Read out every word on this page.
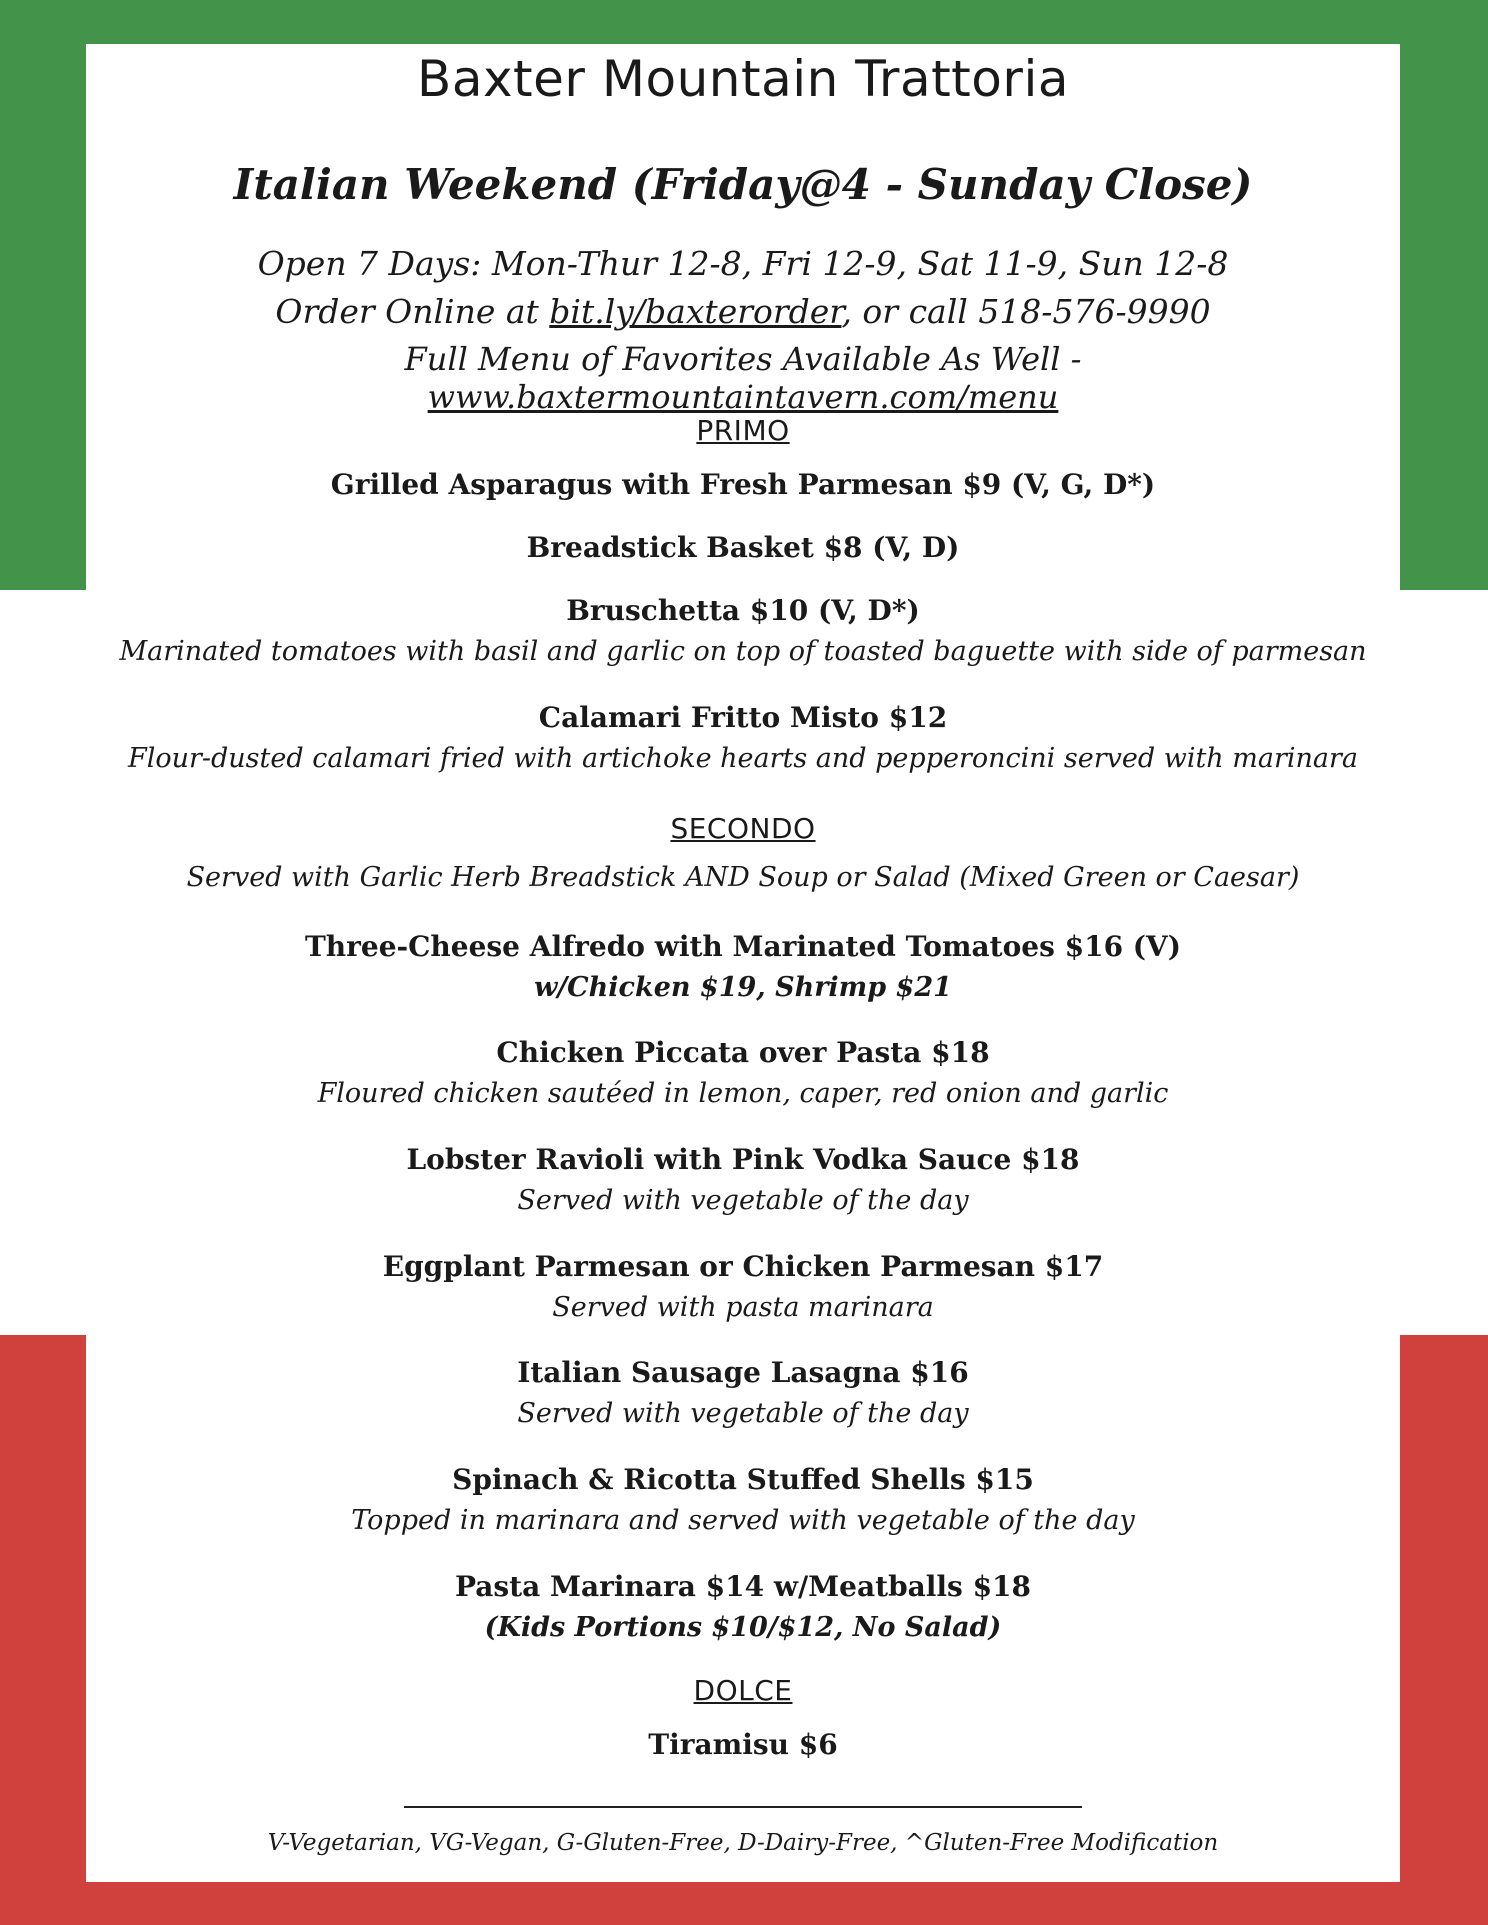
Baxter Mountain Trattoria
Italian Weekend (Friday@4 - Sunday Close)

Open 7 Days: Mon-Thur 12-8, Fri 12-9, Sat 11-9, Sun 12-8

Order Online at bit.ly/baxterorder, or call 518-576-9990

Full Menu of Favorites Available As Well - www.baxtermountaintavern.com/menu

PRIMO
Grilled Asparagus with Fresh Parmesan $9 (V, G, D*)
Breadstick Basket $8 (V, D)
Bruschetta $10 (V, D*)
Marinated tomatoes with basil and garlic on top of toasted baguette with side of parmesan
Calamari Fritto Misto $12
Flour-dusted calamari fried with artichoke hearts and pepperoncini served with marinara
SECONDO
Served with Garlic Herb Breadstick AND Soup or Salad (Mixed Green or Caesar)
Three-Cheese Alfredo with Marinated Tomatoes $16 (V)
w/Chicken $19, Shrimp $21
Chicken Piccata over Pasta $18
Floured chicken sautéed in lemon, caper, red onion and garlic
Lobster Ravioli with Pink Vodka Sauce $18
Served with vegetable of the day
Eggplant Parmesan or Chicken Parmesan $17
Served with pasta marinara
Italian Sausage Lasagna $16
Served with vegetable of the day
Spinach & Ricotta Stuffed Shells $15
Topped in marinara and served with vegetable of the day
Pasta Marinara $14 w/Meatballs $18
(Kids Portions $10/$12, No Salad)
DOLCE
Tiramisu $6
V-Vegetarian, VG-Vegan, G-Gluten-Free, D-Dairy-Free, ^Gluten-Free Modification
